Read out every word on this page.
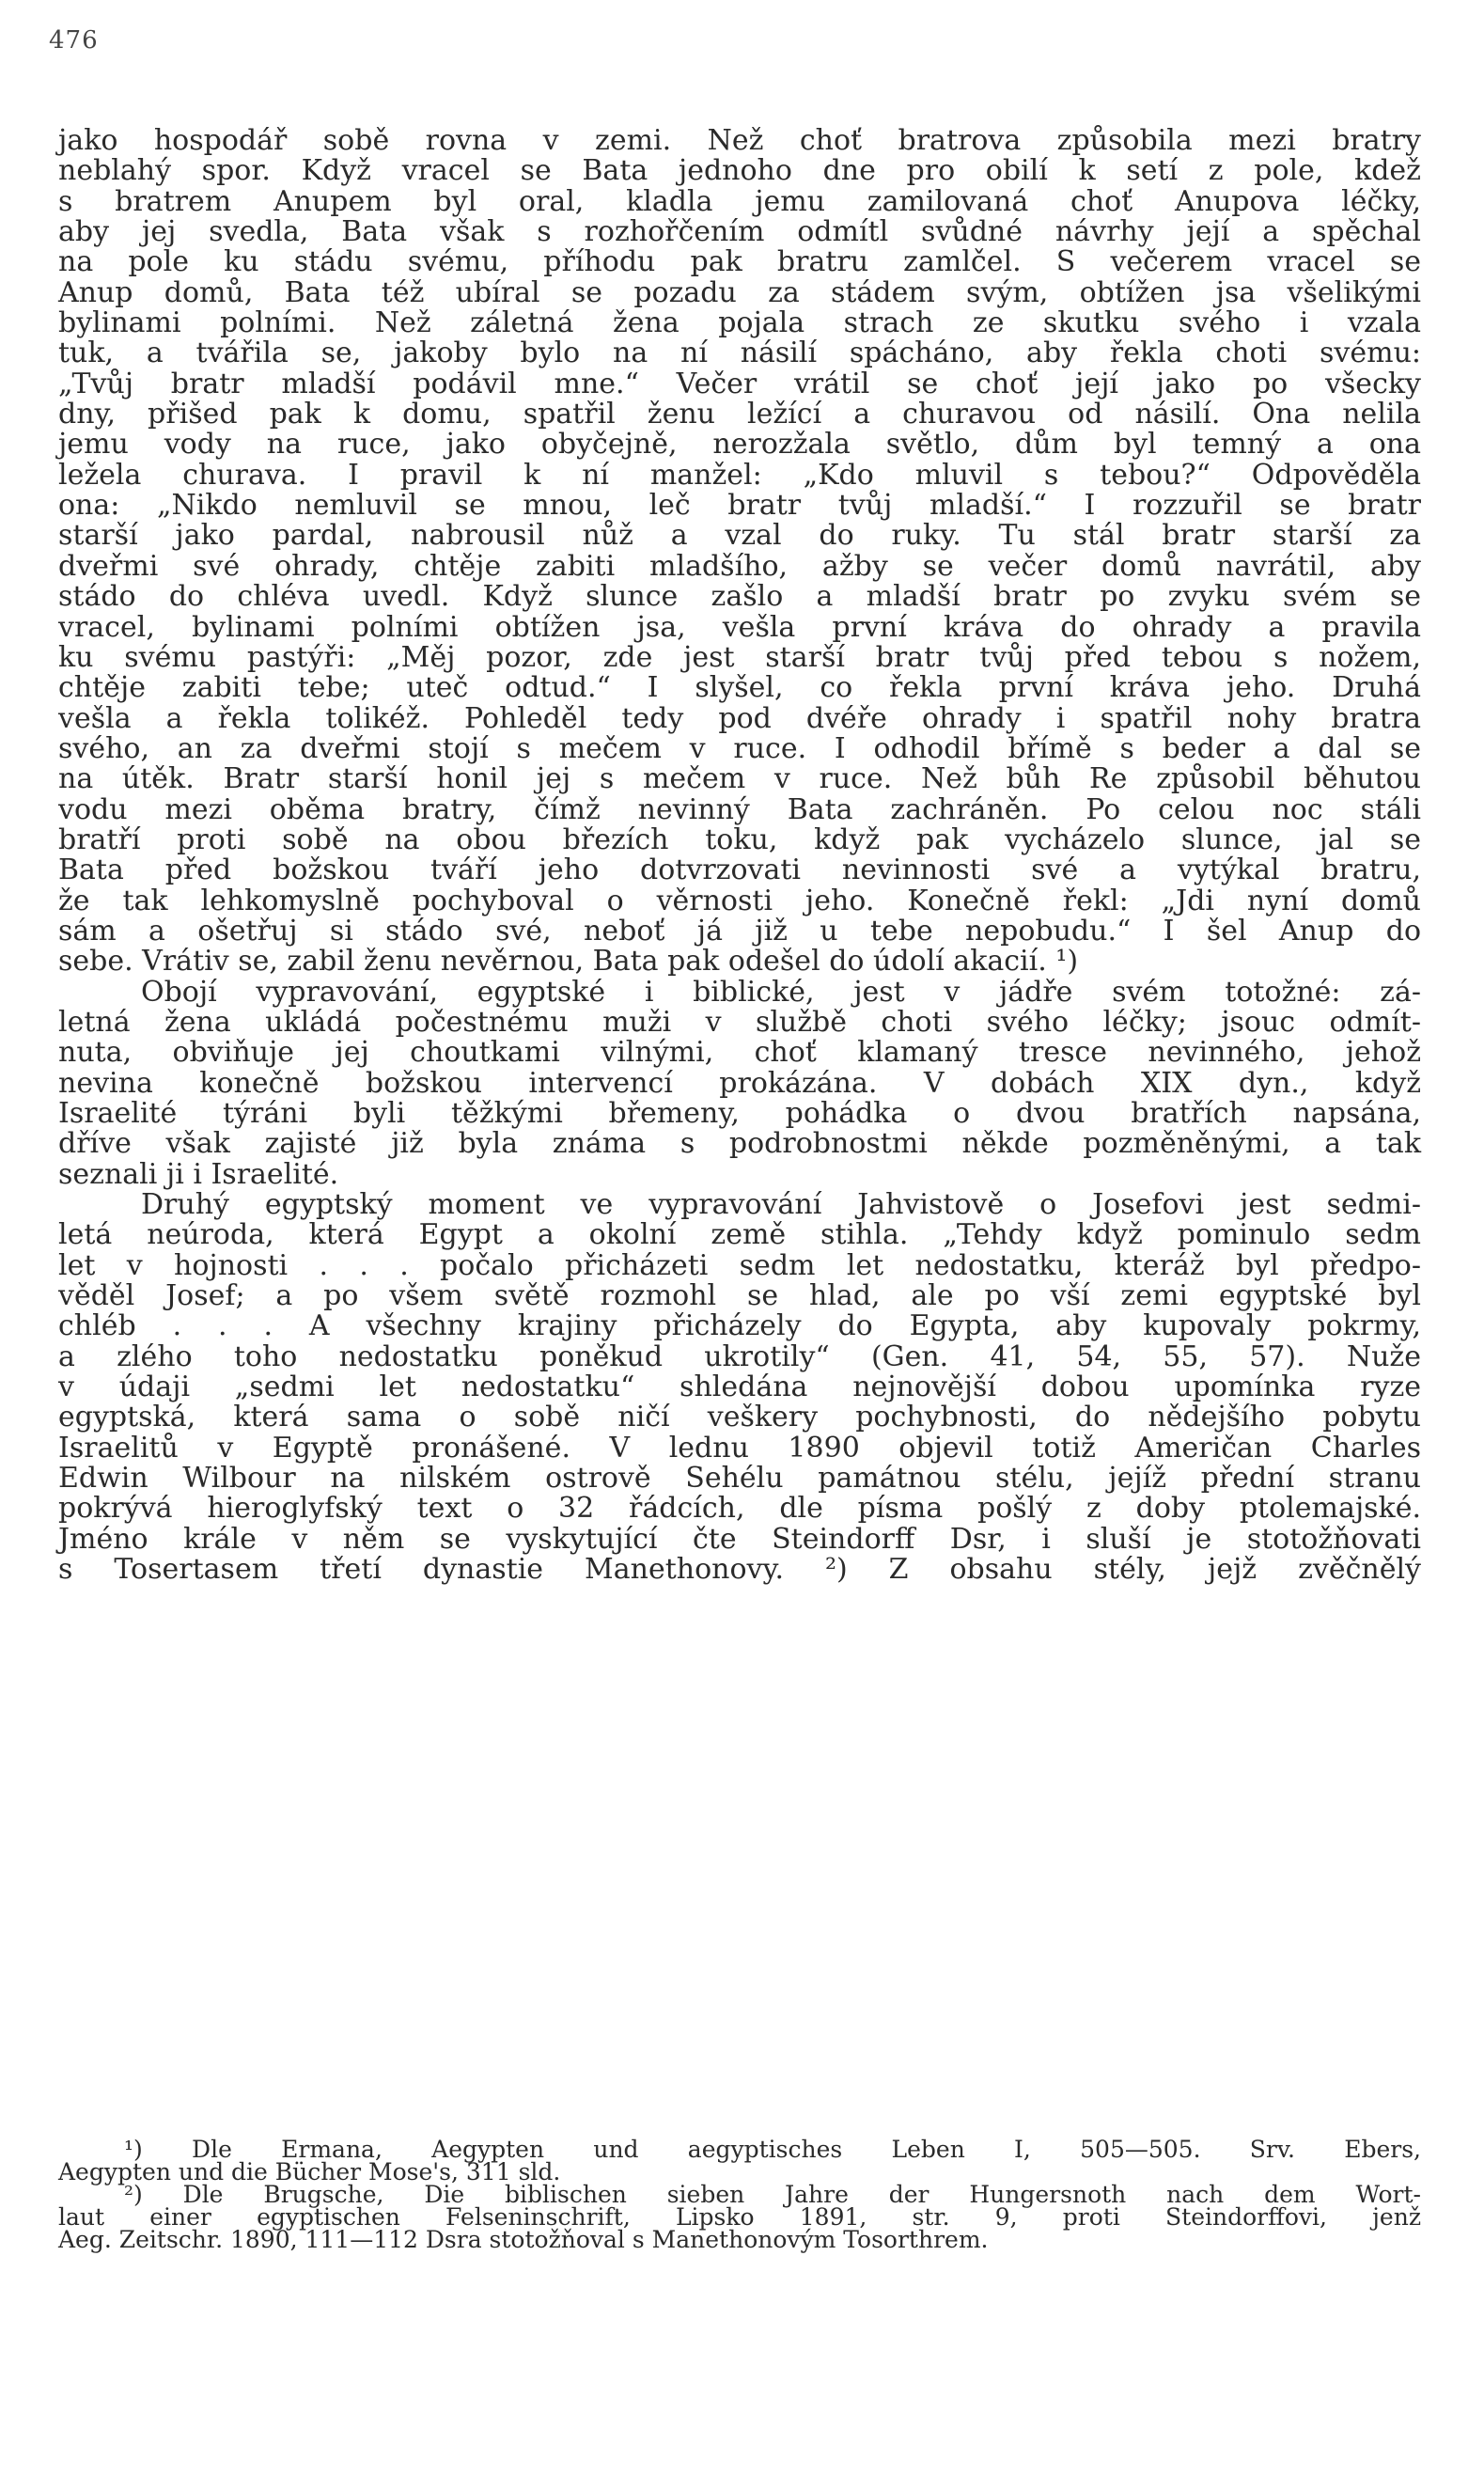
476
jako hospodář sobě rovna v zemi. Než choť bratrova způsobila mezi bratry
neblahý spor. Když vracel se Bata jednoho dne pro obilí k setí z pole, kdež
s bratrem Anupem byl oral, kladla jemu zamilovaná choť Anupova léčky,
aby jej svedla, Bata však s rozhořčením odmítl svůdné návrhy její a spěchal
na pole ku stádu svému, příhodu pak bratru zamlčel. S večerem vracel se
Anup domů, Bata též ubíral se pozadu za stádem svým, obtížen jsa všelikými
bylinami polními. Než záletná žena pojala strach ze skutku svého i vzala
tuk, a tvářila se, jakoby bylo na ní násilí spácháno, aby řekla choti svému:
„Tvůj bratr mladší podávil mne.“ Večer vrátil se choť její jako po všecky
dny, přišed pak k domu, spatřil ženu ležící a churavou od násilí. Ona nelila
jemu vody na ruce, jako obyčejně, nerozžala světlo, dům byl temný a ona
ležela churava. I pravil k ní manžel: „Kdo mluvil s tebou?“ Odpověděla
ona: „Nikdo nemluvil se mnou, leč bratr tvůj mladší.“ I rozzuřil se bratr
starší jako pardal, nabrousil nůž a vzal do ruky. Tu stál bratr starší za
dveřmi své ohrady, chtěje zabiti mladšího, ažby se večer domů navrátil, aby
stádo do chléva uvedl. Když slunce zašlo a mladší bratr po zvyku svém se
vracel, bylinami polními obtížen jsa, vešla první kráva do ohrady a pravila
ku svému pastýři: „Měj pozor, zde jest starší bratr tvůj před tebou s nožem,
chtěje zabiti tebe; uteč odtud.“ I slyšel, co řekla první kráva jeho. Druhá
vešla a řekla tolikéž. Pohleděl tedy pod dvéře ohrady i spatřil nohy bratra
svého, an za dveřmi stojí s mečem v ruce. I odhodil břímě s beder a dal se
na útěk. Bratr starší honil jej s mečem v ruce. Než bůh Re způsobil běhutou
vodu mezi oběma bratry, čímž nevinný Bata zachráněn. Po celou noc stáli
bratří proti sobě na obou březích toku, když pak vycházelo slunce, jal se
Bata před božskou tváří jeho dotvrzovati nevinnosti své a vytýkal bratru,
že tak lehkomyslně pochyboval o věrnosti jeho. Konečně řekl: „Jdi nyní domů
sám a ošetřuj si stádo své, neboť já již u tebe nepobudu.“ I šel Anup do
sebe. Vrátiv se, zabil ženu nevěrnou, Bata pak odešel do údolí akacií. ¹)
Obojí vypravování, egyptské i biblické, jest v jádře svém totožné: zá-
letná žena ukládá počestnému muži v službě choti svého léčky; jsouc odmít-
nuta, obviňuje jej choutkami vilnými, choť klamaný tresce nevinného, jehož
nevina konečně božskou intervencí prokázána. V dobách XIX dyn., když
Israelité týráni byli těžkými břemeny, pohádka o dvou bratřích napsána,
dříve však zajisté již byla známa s podrobnostmi někde pozměněnými, a tak
seznali ji i Israelité.
Druhý egyptský moment ve vypravování Jahvistově o Josefovi jest sedmi-
letá neúroda, která Egypt a okolní země stihla. „Tehdy když pominulo sedm
let v hojnosti . . . počalo přicházeti sedm let nedostatku, kteráž byl předpo-
věděl Josef; a po všem světě rozmohl se hlad, ale po vší zemi egyptské byl
chléb . . . A všechny krajiny přicházely do Egypta, aby kupovaly pokrmy,
a zlého toho nedostatku poněkud ukrotily“ (Gen. 41, 54, 55, 57). Nuže
v údaji „sedmi let nedostatku“ shledána nejnovější dobou upomínka ryze
egyptská, která sama o sobě ničí veškery pochybnosti, do nědejšího pobytu
Israelitů v Egyptě pronášené. V lednu 1890 objevil totiž Američan Charles
Edwin Wilbour na nilském ostrově Sehélu památnou stélu, jejíž přední stranu
pokrývá hieroglyfský text o 32 řádcích, dle písma pošlý z doby ptolemajské.
Jméno krále v něm se vyskytující čte Steindorff Dsr, i sluší je stotožňovati
s Tosertasem třetí dynastie Manethonovy. ²) Z obsahu stély, jejž zvěčnělý
¹) Dle Ermana, Aegypten und aegyptisches Leben I, 505—505. Srv. Ebers,
Aegypten und die Bücher Mose's, 311 sld.
²) Dle Brugsche, Die biblischen sieben Jahre der Hungersnoth nach dem Wort-
laut einer egyptischen Felseninschrift, Lipsko 1891, str. 9, proti Steindorffovi, jenž
Aeg. Zeitschr. 1890, 111—112 Dsra stotožňoval s Manethonovým Tosorthrem.
